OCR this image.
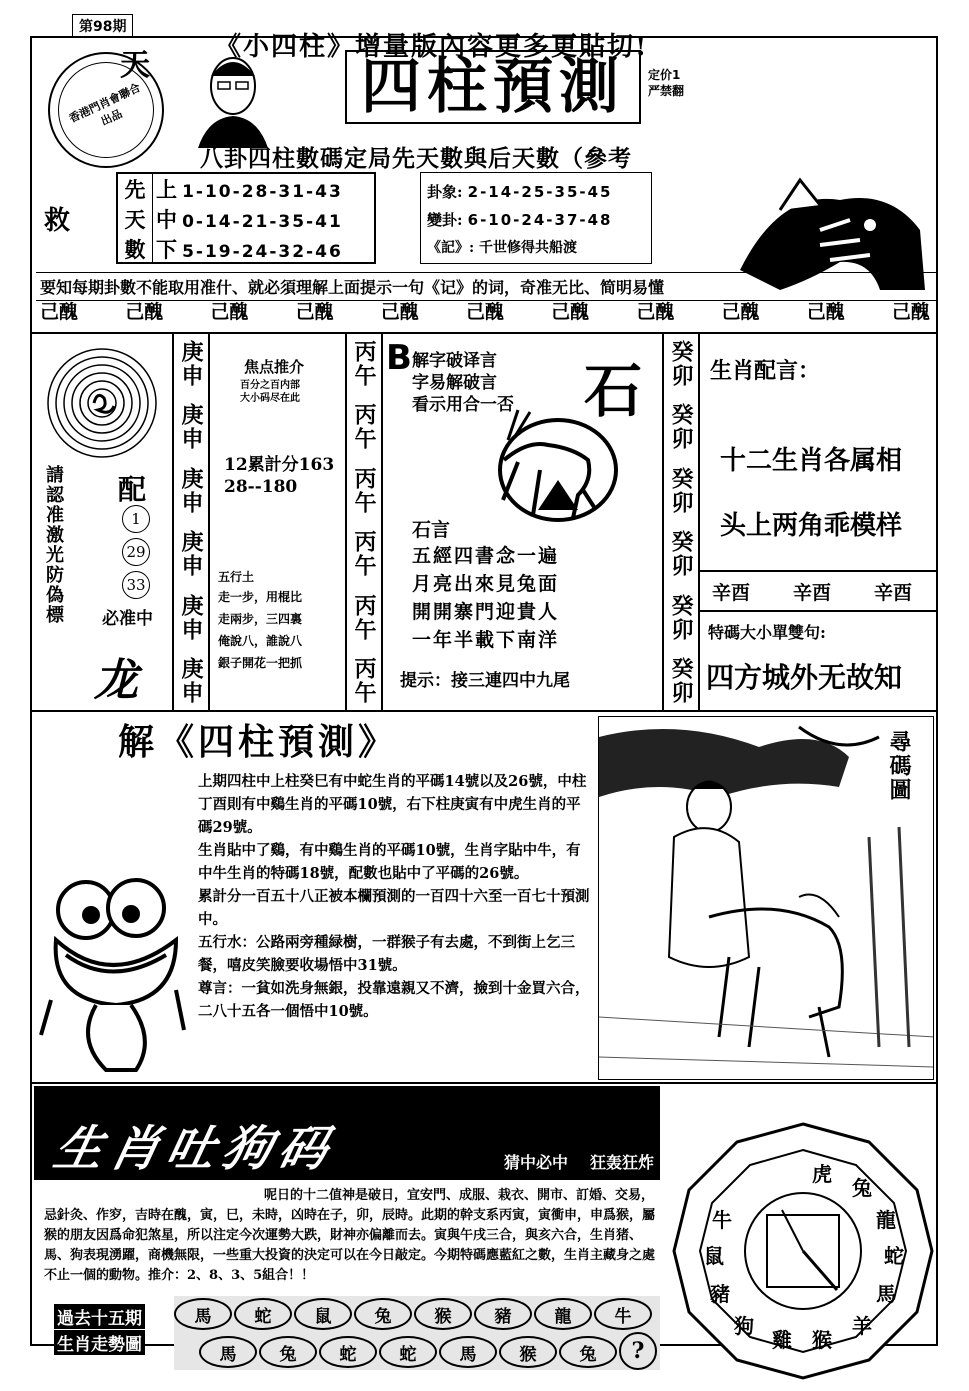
第98期
《小四柱》增量版內容更多更貼切!
香港門肖會聯合出品
天	四柱預測	定价1
严禁翻
八卦四柱數碼定局先天數與后天數（參考
救
先
天
數
上 1-10-28-31-43
中 0-14-21-35-41
下 5-19-24-32-46
卦象: 2-14-25-35-45
變卦: 6-10-24-37-48
《記》: 千世修得共船渡
要知每期卦數不能取用准什、就必須理解上面提示一句《记》的词，奇准无比、简明易懂
己醜 己醜 己醜 己醜 己醜 己醜 己醜 己醜 己醜 己醜 己醜
請認准激光防偽標 配
1
29
33
必准中
龙
庚申
庚申
庚申
庚申
庚申
庚申
焦点推介
百分之百内部
大小码尽在此
12累計分163
28--180
五行土
走一步，用棍比
走兩步，三四裏
俺說八，誰說八
銀子開花一把抓
丙午
丙午
丙午
丙午
丙午
丙午
B 解字破译言
字易解破言
看示用合一否 石
石言
五經四書念一遍
月亮出來見兔面
開開寨門迎貴人
一年半載下南洋
提示：接三連四中九尾
癸卯
癸卯
癸卯
癸卯
癸卯
癸卯
生肖配言：
十二生肖各属相
头上两角乖模样
辛酉 辛酉 辛酉
特碼大小單雙句:
四方城外无故知
解《四柱預測》
上期四柱中上柱癸巳有中蛇生肖的平碼14號以及26號，中柱丁酉則有中鷄生肖的平碼10號，右下柱庚寅有中虎生肖的平碼29號。
生肖貼中了鷄，有中鷄生肖的平碼10號，生肖字貼中牛，有中牛生肖的特碼18號，配數也貼中了平碼的26號。
累計分一百五十八正被本欄預測的一百四十六至一百七十預測中。
五行水：公路兩旁種緑樹，一群猴子有去處，不到街上乞三餐，嘻皮笑臉要收場悟中31號。
尊言：一貧如洗身無銀，投靠遠親又不濟，撿到十金買六合，二八十五各一個悟中10號。
尋碼圖
生肖吐狗码	猜中必中 狂轰狂炸
呢日的十二值神是破日，宜安門、成服、栽衣、開市、訂婚、交易，忌針灸、作穸，吉時在醜，寅，巳，未時，凶時在子，卯，辰時。此期的幹支系丙寅，寅衝申，申爲猴，屬猴的朋友因爲命犯煞星，所以注定今次運勢大跌，財神亦偏離而去。寅與午戌三合，與亥六合，生肖猪、馬、狗表現湧躍，商機無限，一些重大投資的決定可以在今日敲定。今期特碼應藍紅之數，生肖主藏身之處不止一個的動物。推介：2、8、3、5組合！！
過去十五期
生肖走勢圖
馬	蛇	鼠	兔	猴	豬	龍	牛
馬	兔	蛇	蛇	馬	猴	兔 ?
虎
兔
龍
蛇
馬
羊
猴
雞
狗
豬
鼠
牛
